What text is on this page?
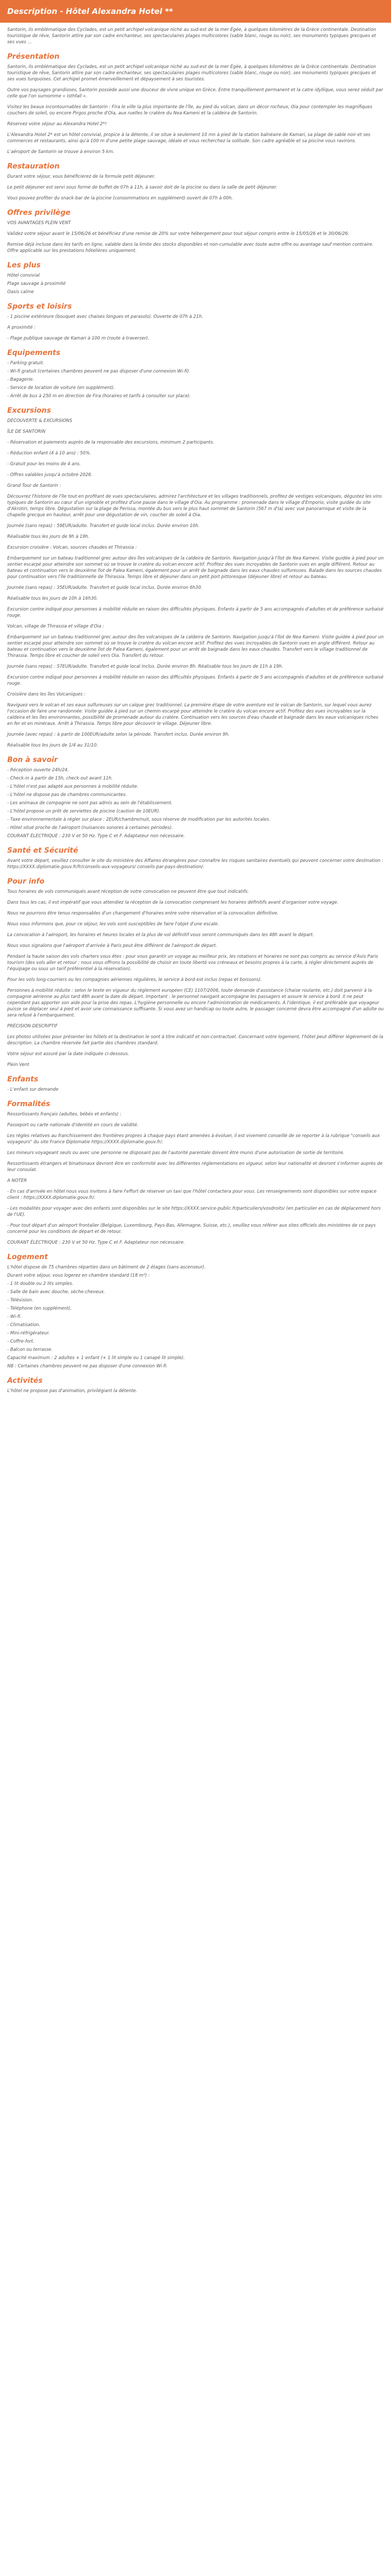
Description - Hôtel Alexandra Hotel **

Santorin, ils emblématique des Cyclades, est un petit archipel volcanique niché au sud-est de la mer Égée, à quelques kilomètres de la Grèce continentale. Destination touristique de rêve, Santorin attire par son cadre enchanteur, ses spectaculaires plages multicolores (sable blanc, rouge ou noir), ses monuments typiques grecques et ses vues ...

Présentation

Santorin, ils emblématique des Cyclades, est un petit archipel volcanique niché au sud-est de la mer Égée, à quelques kilomètres de la Grèce continentale. Destination touristique de rêve, Santorin attire par son cadre enchanteur, ses spectaculaires plages multicolores (sable blanc, rouge ou noir), ses monuments typiques grecques et ses vues turquoises. Cet archipel promet émerveillement et dépaysement à ses touristes.

Outre vos paysages grandioses, Santorin possède aussi une douceur de vivre unique en Grèce. Entre tranquillement permanent et la catre idyllique, vous serez séduit par celle que l'on surnomme « Isthfall ».

Visitez les beaux incontournables de Santorin : Fira le ville la plus importante de l'île, au pied du volcan, dans un décor rocheux, Oia pour contempler les magnifiques couchers de soleil, ou encore Pirgos proche d'Oia, aux ruelles le cratère du Nea Kameni et la caldeira de Santorin.

Réservez votre séjour au Alexandra Hotel 2*!

L'Alexandra Hotel 2* est un hôtel convivial, propice à la détente, il se situe à seulement 10 mn à pied de la station balnéaire de Kamari, sa plage de sable noir et ses commerces et restaurants, ainsi qu'à 100 m d'une petite plage sauvage, idéale et vous recherchez la solitude. Son cadre agréable et sa piscine vous ravirons.

L'aéroport de Santorin se trouve à environ 5 km.

Restauration

Durant votre séjour, vous bénéficierez de la formule petit déjeuner.

Le petit déjeuner est servi sous forme de buffet de 07h à 11h, à savoir doit de la piscine ou dans la salle de petit déjeuner.

Vous pouvez profiter du snack-bar de la piscine (consommations en supplément) ouvert de 07h à 00h.

Offres privilège

VOS AVANTAGES PLEIN VENT

Validez votre séjour avant le 15/06/26 et bénéficiez d'une remise de 20% sur votre hébergement pour tout séjour compris entre le 15/05/26 et le 30/06/26.

Remise déjà incluse dans les tarifs en ligne, valable dans la limite des stocks disponibles et non-cumulable avec toute autre offre ou avantage sauf mention contraire. Offre applicable sur les prestations hôtelières uniquement.

Les plus

Hôtel convivial

Plage sauvage à proximité

Oasis calme

Sports et loisirs

- 1 piscine extérieure (bouquet avec chaises longues et parasols). Ouverte de 07h à 21h.

A proximité :

- Plage publique sauvage de Kamari à 100 m (route à traverser).

Equipements

- Parking gratuit.

- Wi-fi gratuit (certaines chambres peuvent ne pas disposer d'une connexion Wi-fi).

- Bagagerie.

- Service de location de voiture (en supplément).

- Arrêt de bus à 250 m en direction de Fira (horaires et tarifs à consulter sur place).

Excursions

DÉCOUVERTE & EXCURSIONS

ÎLE DE SANTORIN

- Réservation et paiements auprès de la responsable des excursions, minimum 2 participants.

- Réduction enfant (4 à 10 ans) : 50%.

- Gratuit pour les moins de 4 ans.

- Offres valables jusqu'à octobre 2026.

Grand Tour de Santorin :

Découvrez l'histoire de l'île tout en profitant de vues spectaculaires, admirez l'architecture et les villages traditionnels, profitez de vestiges volcaniques, dégustez les vins typiques de Santorin au cœur d'un vignoble et profitez d'une pause dans le village d'Oia. Au programme : promenade dans le village d'Emporio, visite guidée du site d'Akrotiri, temps libre. Dégustation sur la plage de Perissa, montée du bus vers le plus haut sommet de Santorin (567 m d'Ia) avec vue panoramique et visite de la chapelle grecque en hauteur, arrêt pour une dégustation de vin, coucher de soleil à Oia.

Journée (sans repas) : 59EUR/adulte. Transfert et guide local inclus. Durée environ 10h.

Réalisable tous les jours de 9h à 19h.

Excursion croisière : Volcan, sources chaudes et Thirassia :

Embarquement sur un bateau traditionnel grec autour des îles volcaniques de la caldeira de Santorin. Navigation jusqu'à l'îlot de Nea Kameni. Visite guidée à pied pour un sentier escarpé pour atteindre son sommet où se trouve le cratère du volcan encore actif. Profitez des vues incroyables de Santorin vues en angle différent. Retour au bateau et continuation vers le deuxième îlot de Palea Kameni, également pour un arrêt de baignade dans les eaux chaudes sulfureuses. Balade dans les sources chaudes pour continuation vers l'île traditionnelle de Thirassia. Temps libre et déjeuner dans un petit port pittoresque (déjeuner libre) et retour au bateau.

Journée (sans repas) : 35EUR/adulte. Transfert et guide local inclus. Durée environ 6h30.

Réalisable tous les jours de 10h à 16h30.

Excursion contre indiqué pour personnes à mobilité réduite en raison des difficultés physiques. Enfants à partir de 5 ans accompagnés d'adultes et de préférence surbaisé rouge.

Volcan, village de Thirassia et village d'Oia :

Embarquement sur un bateau traditionnel grec autour des îles volcaniques de la caldeira de Santorin. Navigation jusqu'à l'îlot de Nea Kameni. Visite guidée à pied pour un sentier escarpé pour atteindre son sommet où se trouve le cratère du volcan encore actif. Profitez des vues incroyables de Santorin vues en angle différent. Retour au bateau et continuation vers le deuxième îlot de Palea Kameni, également pour un arrêt de baignade dans les eaux chaudes. Transfert vers le village traditionnel de Thirassia. Temps libre et coucher de soleil vers Oia. Transfert du retour.

Journée (sans repas) : 57EUR/adulte. Transfert et guide local inclus. Durée environ 8h. Réalisable tous les jours de 11h à 19h.

Excursion contre indiqué pour personnes à mobilité réduite en raison des difficultés physiques. Enfants à partir de 5 ans accompagnés d'adultes et de préférence surbaisé rouge.

Croisière dans les îles Volcaniques :

Naviguez vers le volcan et ses eaux sulfureuses sur un caïque grec traditionnel. La première étape de votre aventure est le volcan de Santorin, sur lequel vous aurez l'occasion de faire une randonnée. Visite guidée à pied sur un chemin escarpé pour atteindre le cratère du volcan encore actif. Profitez des vues incroyables sur la caldeira et les îles environnantes, possibilité de promenade autour du cratère. Continuation vers les sources d'eau chaude et baignade dans les eaux volcaniques riches en fer et en minéraux. Arrêt à Thirassia. Temps libre pour découvrir le village. Déjeuner libre.

Journée (avec repas) : à partir de 100EUR/adulte selon la période. Transfert inclus. Durée environ 9h.

Réalisable tous les jours de 1/4 au 31/10.

Bon à savoir

- Réception ouverte 24h/24.

- Check-in à partir de 15h, check-out avant 11h.

- L'hôtel n'est pas adapté aux personnes à mobilité réduite.

- L'hôtel ne dispose pas de chambres communicantes.

- Les animaux de compagnie ne sont pas admis au sein de l'établissement.

- L'hôtel propose un prêt de serviettes de piscine (caution de 10EUR).

- Taxe environnementale à régler sur place : 2EUR/chambre/nuit, sous réserve de modification par les autorités locales.

- Hôtel situé proche de l'aéroport (nuisances sonores à certaines périodes).

COURANT ÉLECTRIQUE : 230 V et 50 Hz. Type C et F. Adaptateur non nécessaire.

Santé et Sécurité

Avant votre départ, veuillez consulter le site du ministère des Affaires étrangères pour connaître les risques sanitaires éventuels qui peuvent concerner votre destination : https://XXXX.diplomatie.gouv.fr/fr/conseils-aux-voyageurs/ conseils-par-pays-destination/.

Pour info

Tous horaires de vols communiqués avant réception de votre convocation ne peuvent être que tout indicatifs.

Dans tous les cas, il est impératif que vous attendiez la réception de la convocation comprenant les horaires définitifs avant d'organiser votre voyage.

Nous ne pourrons être tenus responsables d'un changement d'horaires entre votre réservation et la convocation définitive.

Nous vous informons que, pour ce séjour, les vols sont susceptibles de faire l'objet d'une escale.

La convocation à l'aéroport, les horaires et heures locales et la plus de vol définitif vous seront communiqués dans les 48h avant le départ.

Nous vous signalons que l'aéroport d'arrivée à Paris peut être différent de l'aéroport de départ.

Pendant la haute saison des vols charters vous êtes : pour vous garantir un voyage au meilleur prix, les rotations et horaires ne sont pas compris au service d'Avis Paris tourism (des vols aller et retour ; nous vous offrons la possibilité de choisir en toute liberté vos créneaux et besoins propres à la carte, à régler directement auprès de l'équipage ou sous un tarif préférentiel à la réservation).

Pour les vols long-courriers ou les compagnies aériennes régulières, le service à bord est inclus (repas et boissons).

Personnes à mobilité réduite : selon le texte en vigueur du règlement européen (CE) 1107/2006, toute demande d'assistance (chaise roulante, etc.) doit parvenir à la compagnie aérienne au plus tard 48h avant la date de départ. Important : le personnel navigant accompagne les passagers et assure le service à bord. Il ne peut cependant pas apporter son aide pour la prise des repas. L'hygiène personnelle ou encore l'administration de médicaments. À l'identique, il est préférable que voyageur puisse se déplacer seul à pied et avoir une connaissance suffisante. Si vous avez un handicap ou toute autre, le passager concerné devra être accompagné d'un adulte ou sera refusé à l'embarquement.

PRÉCISION DESCRIPTIF

Les photos utilisées pour présenter les hôtels et la destination le sont à titre indicatif et non-contractuel. Concernant votre logement, l'hôtel peut différer légèrement de la description. La chambre réservée fait partie des chambres standard.

Votre séjour est assuré par la date indiquée ci-dessous.

Plein Vent

Enfants

- L'enfant sur demande

Formalités

Ressortissants français (adultes, bébés et enfants) :

Passeport ou carte nationale d'identité en cours de validité.

Les règles relatives au franchissement des frontières propres à chaque pays étant amenées à évoluer, il est vivement conseillé de se reporter à la rubrique "conseils aux voyageurs" du site France Diplomatie https://XXXX.diplomatie.gouv.fr/.

Les mineurs voyageant seuls ou avec une personne ne disposant pas de l'autorité parentale doivent être munis d'une autorisation de sortie de territoire.

Ressortissants étrangers et binationaux devront être en conformité avec les différentes réglementations en vigueur, selon leur nationalité et devront s'informer auprès de leur consulat.

A NOTER

- En cas d'arrivée en hôtel nous vous invitons à faire l'effort de réserver un taxi que l'hôtel contactera pour vous. Les renseignements sont disponibles sur votre espace client : https://XXXX.diplomatie.gouv.fr/.

- Les modalités pour voyager avec des enfants sont disponibles sur le site https://XXXX.service-public.fr/particuliers/vosdroits/ (en particulier en cas de déplacement hors de l'UE).

- Pour tout départ d'un aéroport frontalier (Belgique, Luxembourg, Pays-Bas, Allemagne, Suisse, etc.), veuillez vous référer aux sites officiels des ministères de ce pays concerné pour les conditions de départ et de retour.

COURANT ÉLECTRIQUE : 230 V et 50 Hz. Type C et F. Adaptateur non nécessaire.

Logement

L'hôtel dispose de 75 chambres réparties dans un bâtiment de 2 étages (sans ascenseur).

Durant votre séjour, vous logerez en chambre standard (18 m²) :

- 1 lit double ou 2 lits simples.

- Salle de bain avec douche, sèche-cheveux.

- Télévision.

- Téléphone (en supplément).

- Wi-fi.

- Climatisation.

- Mini-réfrigérateur.

- Coffre-fort.

- Balcon ou terrasse.

Capacité maximum : 2 adultes + 1 enfant (+ 1 lit simple ou 1 canapé lit simple).

NB : Certaines chambres peuvent ne pas disposer d'une connexion Wi-fi.

Activités

L'hôtel ne propose pas d'animation, privilégiant la détente.
